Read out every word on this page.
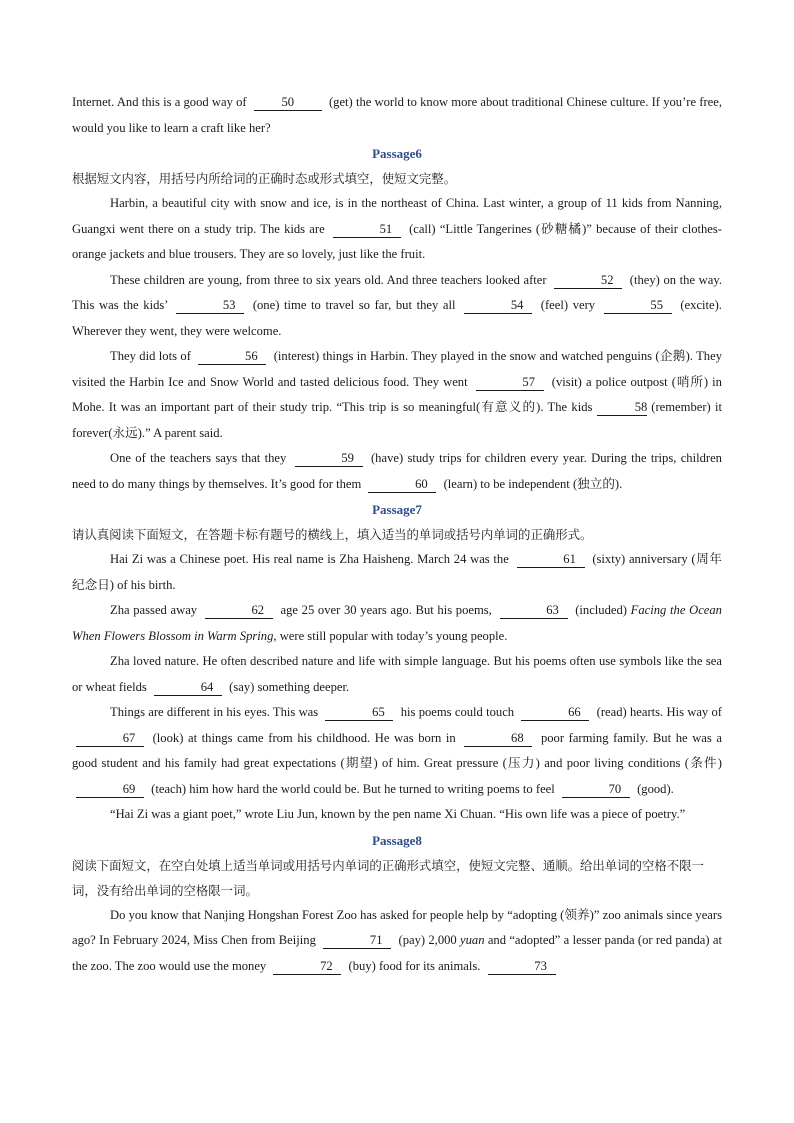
Internet. And this is a good way of	50	(get) the world to know more about traditional Chinese culture. If you’re free, would you like to learn a craft like her?

Passage6

根据短文内容，用括号内所给词的正确时态或形式填空，使短文完整。

Harbin, a beautiful city with snow and ice, is in the northeast of China. Last winter, a group of 11 kids from Nanning, Guangxi went there on a study trip. The kids are	51 (call) “Little Tangerines (砂糖橘)” because of their clothes-orange jackets and blue trousers. They are so lovely, just like the fruit.

These children are young, from three to six years old. And three teachers looked after	52 (they) on the way. This was the kids’	53 (one) time to travel so far, but they all	54 (feel) very	55 (excite). Wherever they went, they were welcome.

They did lots of	56 (interest) things in Harbin. They played in the snow and watched penguins (企鹅). They visited the Harbin Ice and Snow World and tasted delicious food. They went	57 (visit) a police outpost (哨所) in Mohe. It was an important part of their study trip. “This trip is so meaningful(有意义的). The kids	58 (remember) it forever(永远).” A parent said.

One of the teachers says that they	59 (have) study trips for children every year. During the trips, children need to do many things by themselves. It’s good for them	60 (learn) to be independent (独立的).

Passage7

请认真阅读下面短文，在答题卡标有题号的横线上，填入适当的单词或括号内单词的正确形式。

Hai Zi was a Chinese poet. His real name is Zha Haisheng. March 24 was the	61 (sixty) anniversary (周年纪念日) of his birth.

Zha passed away	62 age 25 over 30 years ago. But his poems,	63 (included) Facing the Ocean When Flowers Blossom in Warm Spring, were still popular with today’s young people.

Zha loved nature. He often described nature and life with simple language. But his poems often use symbols like the sea or wheat fields	64 (say) something deeper.

Things are different in his eyes. This was	65 his poems could touch	66 (read) hearts. His way of 67 (look) at things came from his childhood. He was born in	68 poor farming family. But he was a good student and his family had great expectations (期望) of him. Great pressure (压力) and poor living conditions (条件) 69 (teach) him how hard the world could be. But he turned to writing poems to feel	70 (good).

“Hai Zi was a giant poet,” wrote Liu Jun, known by the pen name Xi Chuan. “His own life was a piece of poetry.”

Passage8

阅读下面短文，在空白处填上适当单词或用括号内单词的正确形式填空，使短文完整、通顺。给出单词的空格不限一词，没有给出单词的空格限一词。

Do you know that Nanjing Hongshan Forest Zoo has asked for people help by “adopting (领养)” zoo animals since years ago? In February 2024, Miss Chen from Beijing	71 (pay) 2,000 yuan and “adopted” a lesser panda (or red panda) at the zoo. The zoo would use the money	72 (buy) food for its animals.	73
